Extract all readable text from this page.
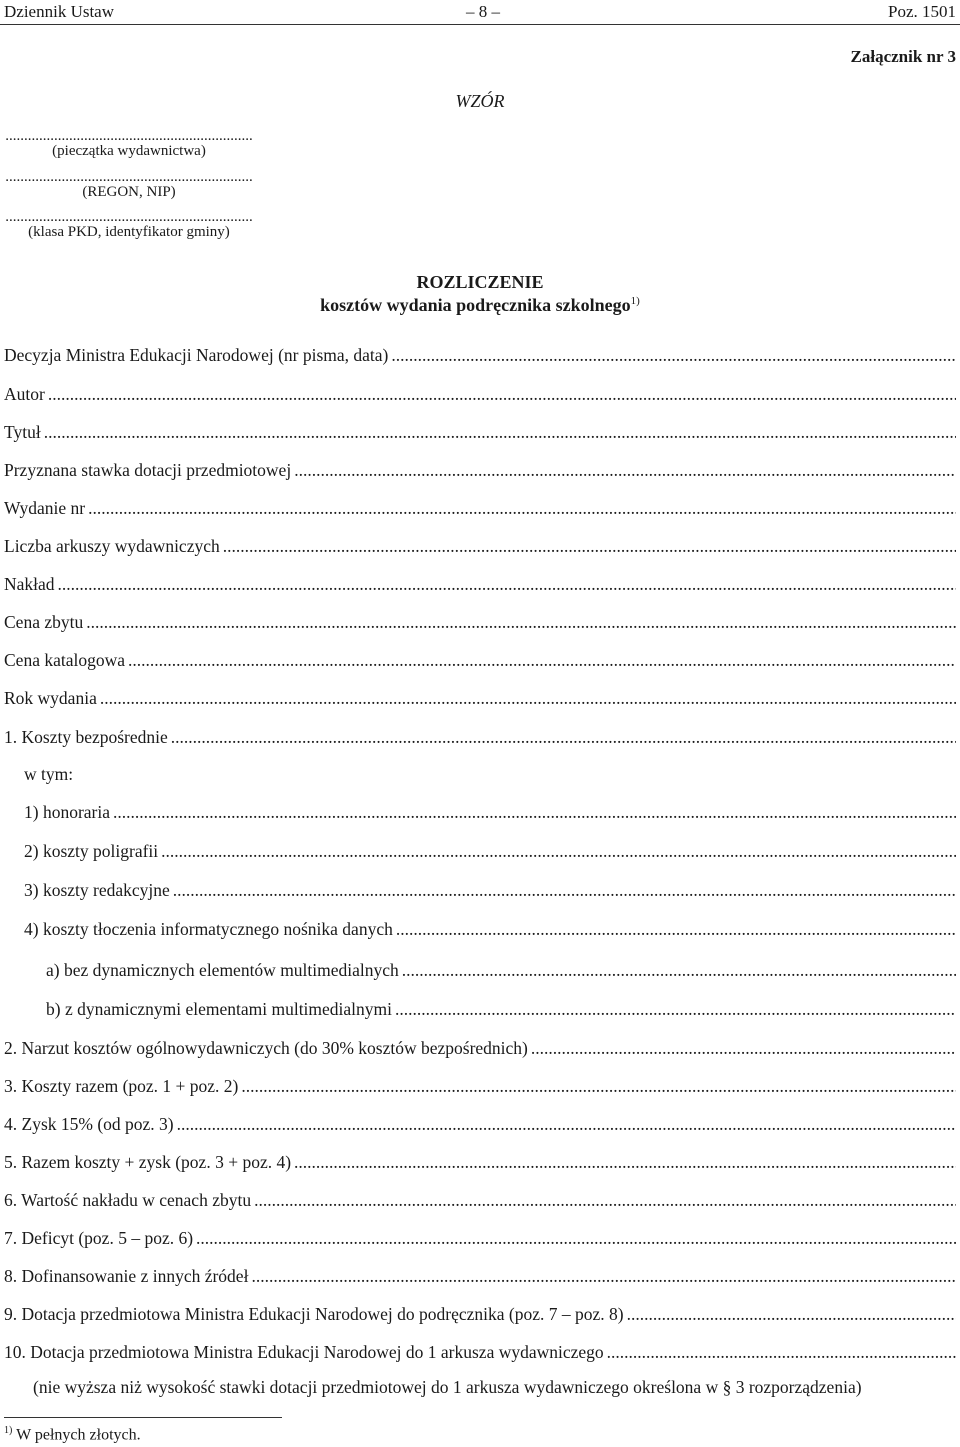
Dziennik Ustaw	– 8 –	Poz. 1501
Załącznik nr 3
WZÓR
..................................................................
(pieczątka wydawnictwa)
..................................................................
(REGON, NIP)
..................................................................
(klasa PKD, identyfikator gminy)
ROZLICZENIE
kosztów wydania podręcznika szkolnego$^{1)}$
Decyzja Ministra Edukacji Narodowej (nr pisma, data)
.....
Autor
.....
Tytuł
.....
Przyznana stawka dotacji przedmiotowej
.....
Wydanie nr
.....
Liczba arkuszy wydawniczych
.....
Nakład
.....
Cena zbytu
.....
Cena katalogowa
.....
Rok wydania
.....
1. Koszty bezpośrednie
.....
w tym:
1) honoraria
.....
2) koszty poligrafii
.....
3) koszty redakcyjne
.....
4) koszty tłoczenia informatycznego nośnika danych
.....
a) bez dynamicznych elementów multimedialnych
.....
b) z dynamicznymi elementami multimedialnymi
.....
2. Narzut kosztów ogólnowydawniczych (do 30% kosztów bezpośrednich)
.....
3. Koszty razem (poz. 1 + poz. 2)
.....
4. Zysk 15% (od poz. 3)
.....
5. Razem koszty + zysk (poz. 3 + poz. 4)
.....
6. Wartość nakładu w cenach zbytu
.....
7. Deficyt (poz. 5 – poz. 6)
.....
8. Dofinansowanie z innych źródeł
.....
9. Dotacja przedmiotowa Ministra Edukacji Narodowej do podręcznika (poz. 7 – poz. 8)
.....
10. Dotacja przedmiotowa Ministra Edukacji Narodowej do 1 arkusza wydawniczego
.....
(nie wyższa niż wysokość stawki dotacji przedmiotowej do 1 arkusza wydawniczego określona w § 3 rozporządzenia)
$^{1)}$ W pełnych złotych.
